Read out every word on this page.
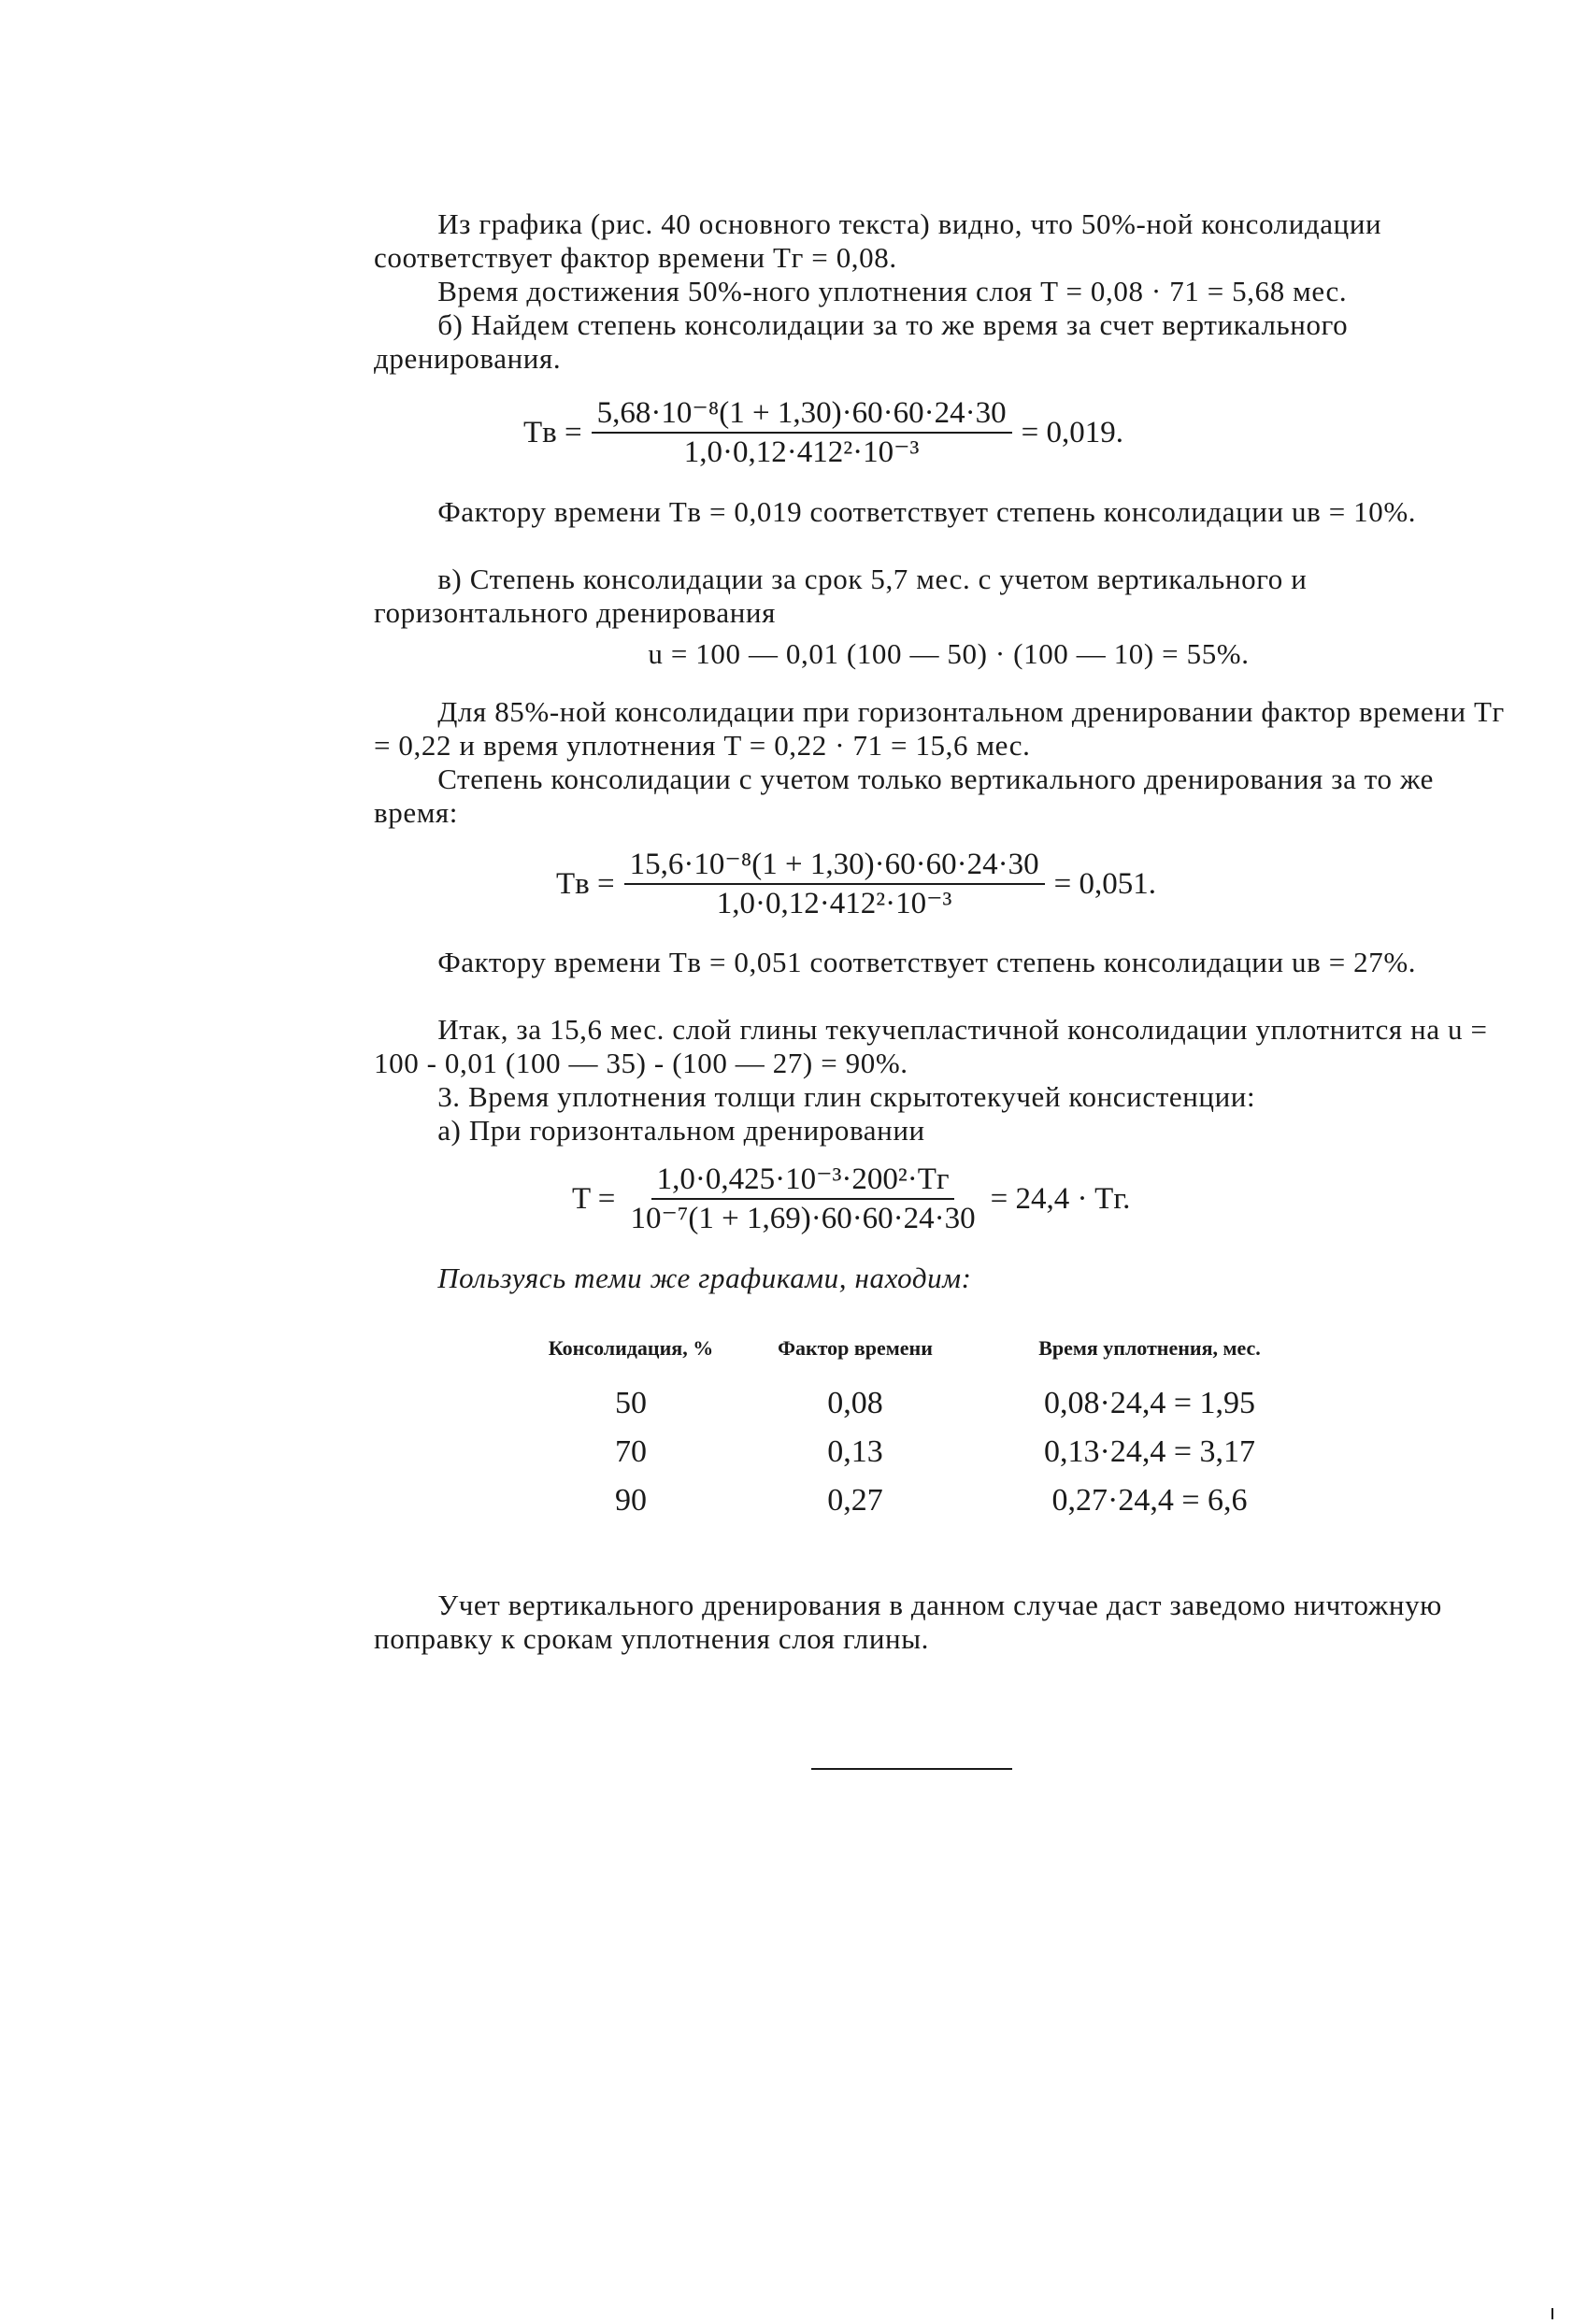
Из графика (рис. 40 основного текста) видно, что 50%-ной консолидации соответствует фактор времени Tг = 0,08.

Время достижения 50%-ного уплотнения слоя T = 0,08 · 71 = 5,68 мес.

б) Найдем степень консолидации за то же время за счет вертикального дренирования.

Tв = $\frac{\text{5,68·10⁻⁸(1 + 1,30)·60·60·24·30}}{\text{1,0·0,12·412²·10⁻³}} = 0,019$.

Фактору времени Tв = 0,019 соответствует степень консолидации uв = 10%.

в) Степень консолидации за срок 5,7 мес. с учетом вертикального и горизонтального дренирования

u = 100 — 0,01 (100 — 50) · (100 — 10) = 55%.

Для 85%-ной консолидации при горизонтальном дренировании фактор времени Tг = 0,22 и время уплотнения T = 0,22 · 71 = 15,6 мес.

Степень консолидации с учетом только вертикального дренирования за то же время:

Tв = $\frac{\text{15,6·10⁻⁸(1 + 1,30)·60·60·24·30}}{\text{1,0·0,12·412²·10⁻³}} = 0,051$.

Фактору времени Tв = 0,051 соответствует степень консолидации uв = 27%.

Итак, за 15,6 мес. слой глины текучепластичной консолидации уплотнится на u = 100 - 0,01 (100 — 35) - (100 — 27) = 90%.

3. Время уплотнения толщи глин скрытотекучей консистенции:

а) При горизонтальном дренировании

$T = \frac{\text{1,0·0,425·10⁻³·200²·Tг}}{\text{10⁻⁷(1 + 1,69)·60·60·24·30}} = 24,4$ · Tг.

Пользуясь теми же графиками, находим:

Консолидация, %	Фактор времени	Время уплотнения, мес.
50	0,08	0,08·24,4 = 1,95
70	0,13	0,13·24,4 = 3,17
90	0,27	0,27·24,4 = 6,6

Учет вертикального дренирования в данном случае даст заведомо ничтожную поправку к срокам уплотнения слоя глины.
